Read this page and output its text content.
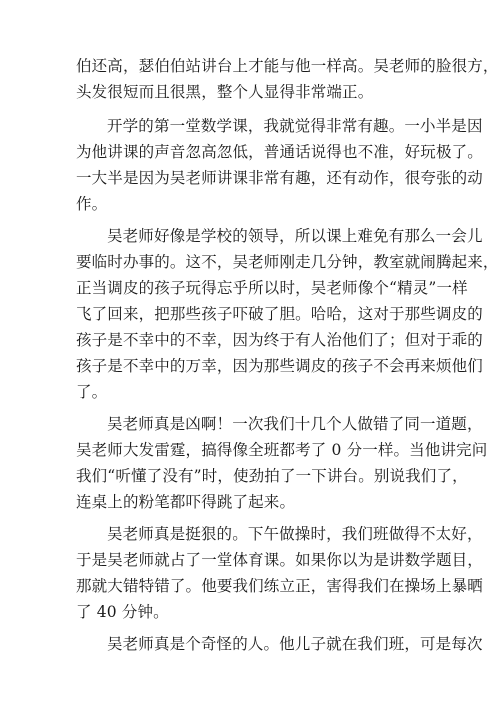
伯还高，瑟伯伯站讲台上才能与他一样高。吴老师的脸很方，
头发很短而且很黑，整个人显得非常端正。
开学的第一堂数学课，我就觉得非常有趣。一小半是因
为他讲课的声音忽高忽低，普通话说得也不准，好玩极了。
一大半是因为吴老师讲课非常有趣，还有动作，很夸张的动
作。
吴老师好像是学校的领导，所以课上难免有那么一会儿
要临时办事的。这不，吴老师刚走几分钟，教室就闹腾起来，
正当调皮的孩子玩得忘乎所以时，吴老师像个“精灵”一样
飞了回来，把那些孩子吓破了胆。哈哈，这对于那些调皮的
孩子是不幸中的不幸，因为终于有人治他们了；但对于乖的
孩子是不幸中的万幸，因为那些调皮的孩子不会再来烦他们
了。
吴老师真是凶啊！一次我们十几个人做错了同一道题，
吴老师大发雷霆，搞得像全班都考了 0 分一样。当他讲完问
我们“听懂了没有”时，使劲拍了一下讲台。别说我们了，
连桌上的粉笔都吓得跳了起来。
吴老师真是挺狠的。下午做操时，我们班做得不太好，
于是吴老师就占了一堂体育课。如果你以为是讲数学题目，
那就大错特错了。他要我们练立正，害得我们在操场上暴晒
了 40 分钟。
吴老师真是个奇怪的人。他儿子就在我们班，可是每次
